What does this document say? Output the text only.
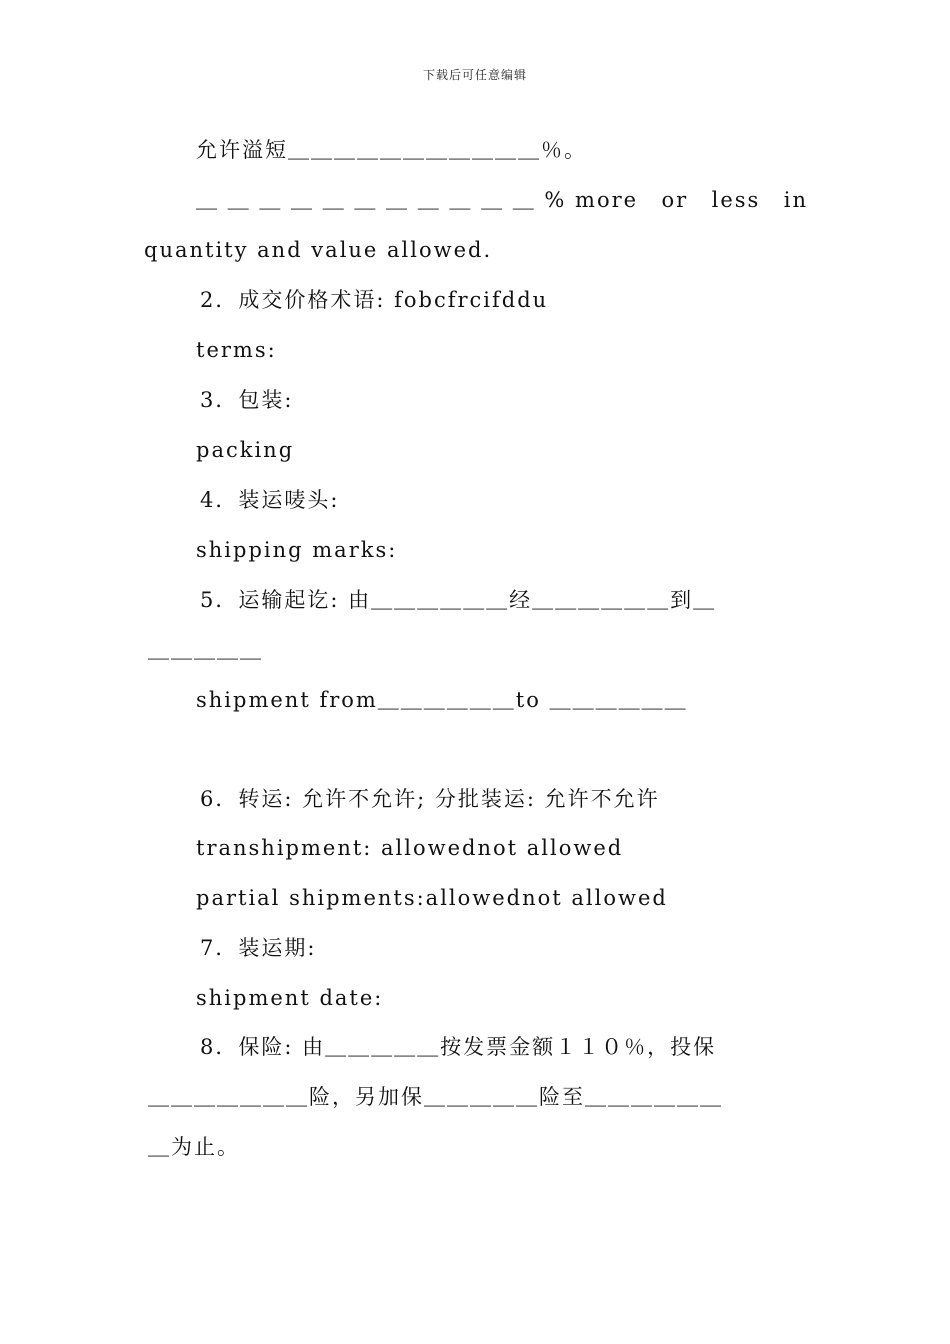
下载后可任意编辑
允许溢短＿＿＿＿＿＿＿＿＿＿＿％。
＿ ＿ ＿ ＿ ＿ ＿ ＿ ＿ ＿ ＿ ＿ % more or less in
quantity and value allowed.
2．成交价格术语: fobcfrcifddu
terms:
3．包装:
packing
4．装运唛头:
shipping marks:
5．运输起讫: 由＿＿＿＿＿＿经＿＿＿＿＿＿到＿
＿＿＿＿＿
shipment from＿＿＿＿＿＿to ＿＿＿＿＿＿
6．转运: 允许不允许; 分批装运: 允许不允许
transhipment: allowednot allowed
partial shipments:allowednot allowed
7．装运期:
shipment date:
8．保险: 由＿＿＿＿＿按发票金额１１０％，投保
＿＿＿＿＿＿＿险，另加保＿＿＿＿＿险至＿＿＿＿＿＿
＿为止。
